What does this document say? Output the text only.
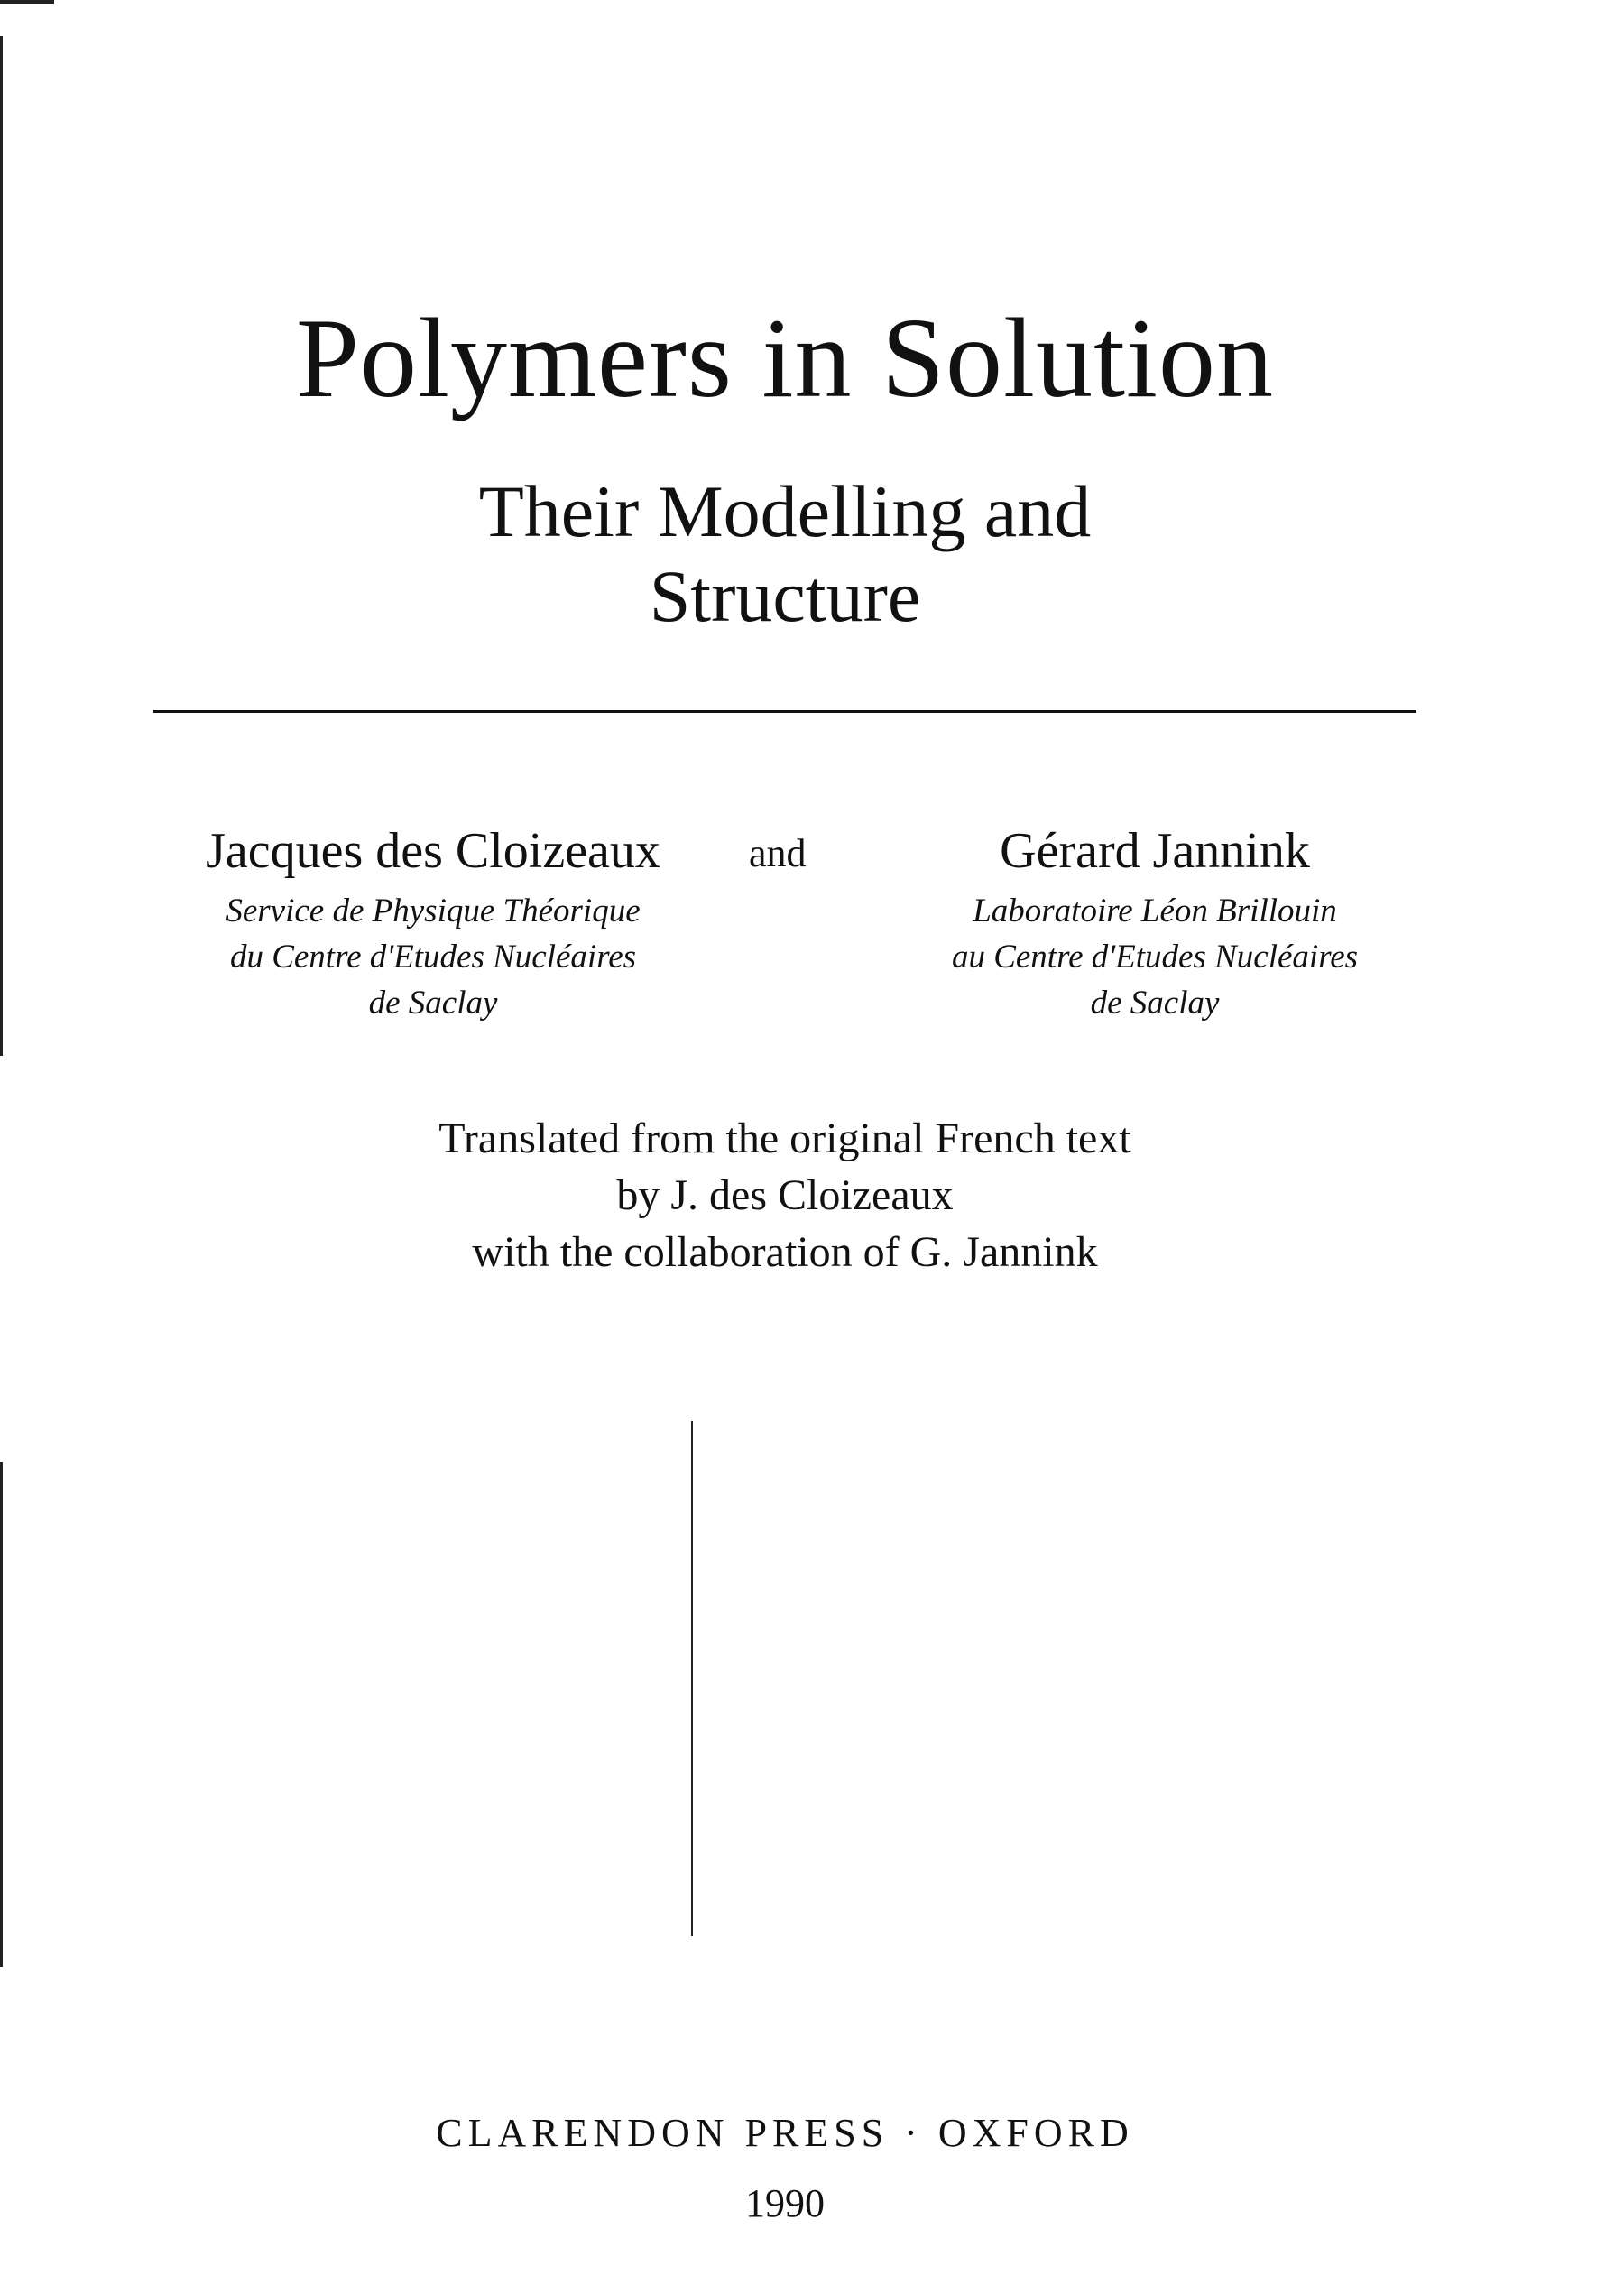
Polymers in Solution
Their Modelling and
Structure
Jacques des Cloizeaux
Service de Physique Théorique
du Centre d'Etudes Nucléaires
de Saclay
and	Gérard Jannink
Laboratoire Léon Brillouin
au Centre d'Etudes Nucléaires
de Saclay
Translated from the original French text
by J. des Cloizeaux
with the collaboration of G. Jannink
CLARENDON PRESS · OXFORD
1990
